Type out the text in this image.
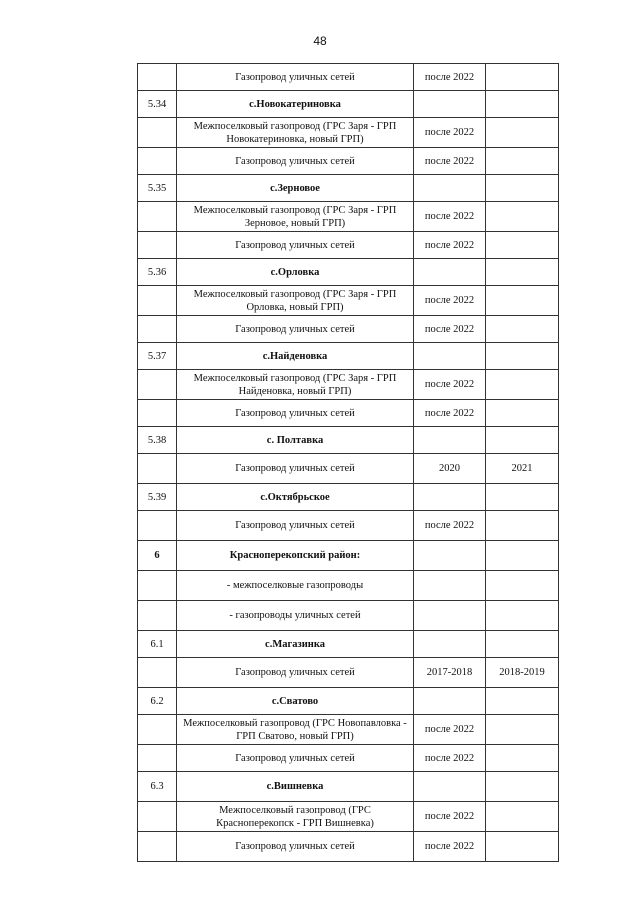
48
	Газопровод уличных сетей	после 2022	
5.34	с.Новокатериновка		
	Межпоселковый газопровод (ГРС Заря - ГРП Новокатериновка, новый ГРП)	после 2022	
	Газопровод уличных сетей	после 2022	
5.35	с.Зерновое		
	Межпоселковый газопровод (ГРС Заря - ГРП Зерновое, новый ГРП)	после 2022	
	Газопровод уличных сетей	после 2022	
5.36	с.Орловка		
	Межпоселковый газопровод (ГРС Заря - ГРП Орловка, новый ГРП)	после 2022	
	Газопровод уличных сетей	после 2022	
5.37	с.Найденовка		
	Межпоселковый газопровод (ГРС Заря - ГРП Найденовка, новый ГРП)	после 2022	
	Газопровод уличных сетей	после 2022	
5.38	с. Полтавка		
	Газопровод уличных сетей	2020	2021
5.39	с.Октябрьское		
	Газопровод уличных сетей	после 2022	
6	Красноперекопский район:		
	- межпоселковые газопроводы		
	- газопроводы уличных сетей		
6.1	с.Магазинка		
	Газопровод уличных сетей	2017-2018	2018-2019
6.2	с.Сватово		
	Межпоселковый газопровод (ГРС Новопавловка - ГРП Сватово, новый ГРП)	после 2022	
	Газопровод уличных сетей	после 2022	
6.3	с.Вишневка		
	Межпоселковый газопровод (ГРС Красноперекопск - ГРП Вишневка)	после 2022	
	Газопровод уличных сетей	после 2022	
